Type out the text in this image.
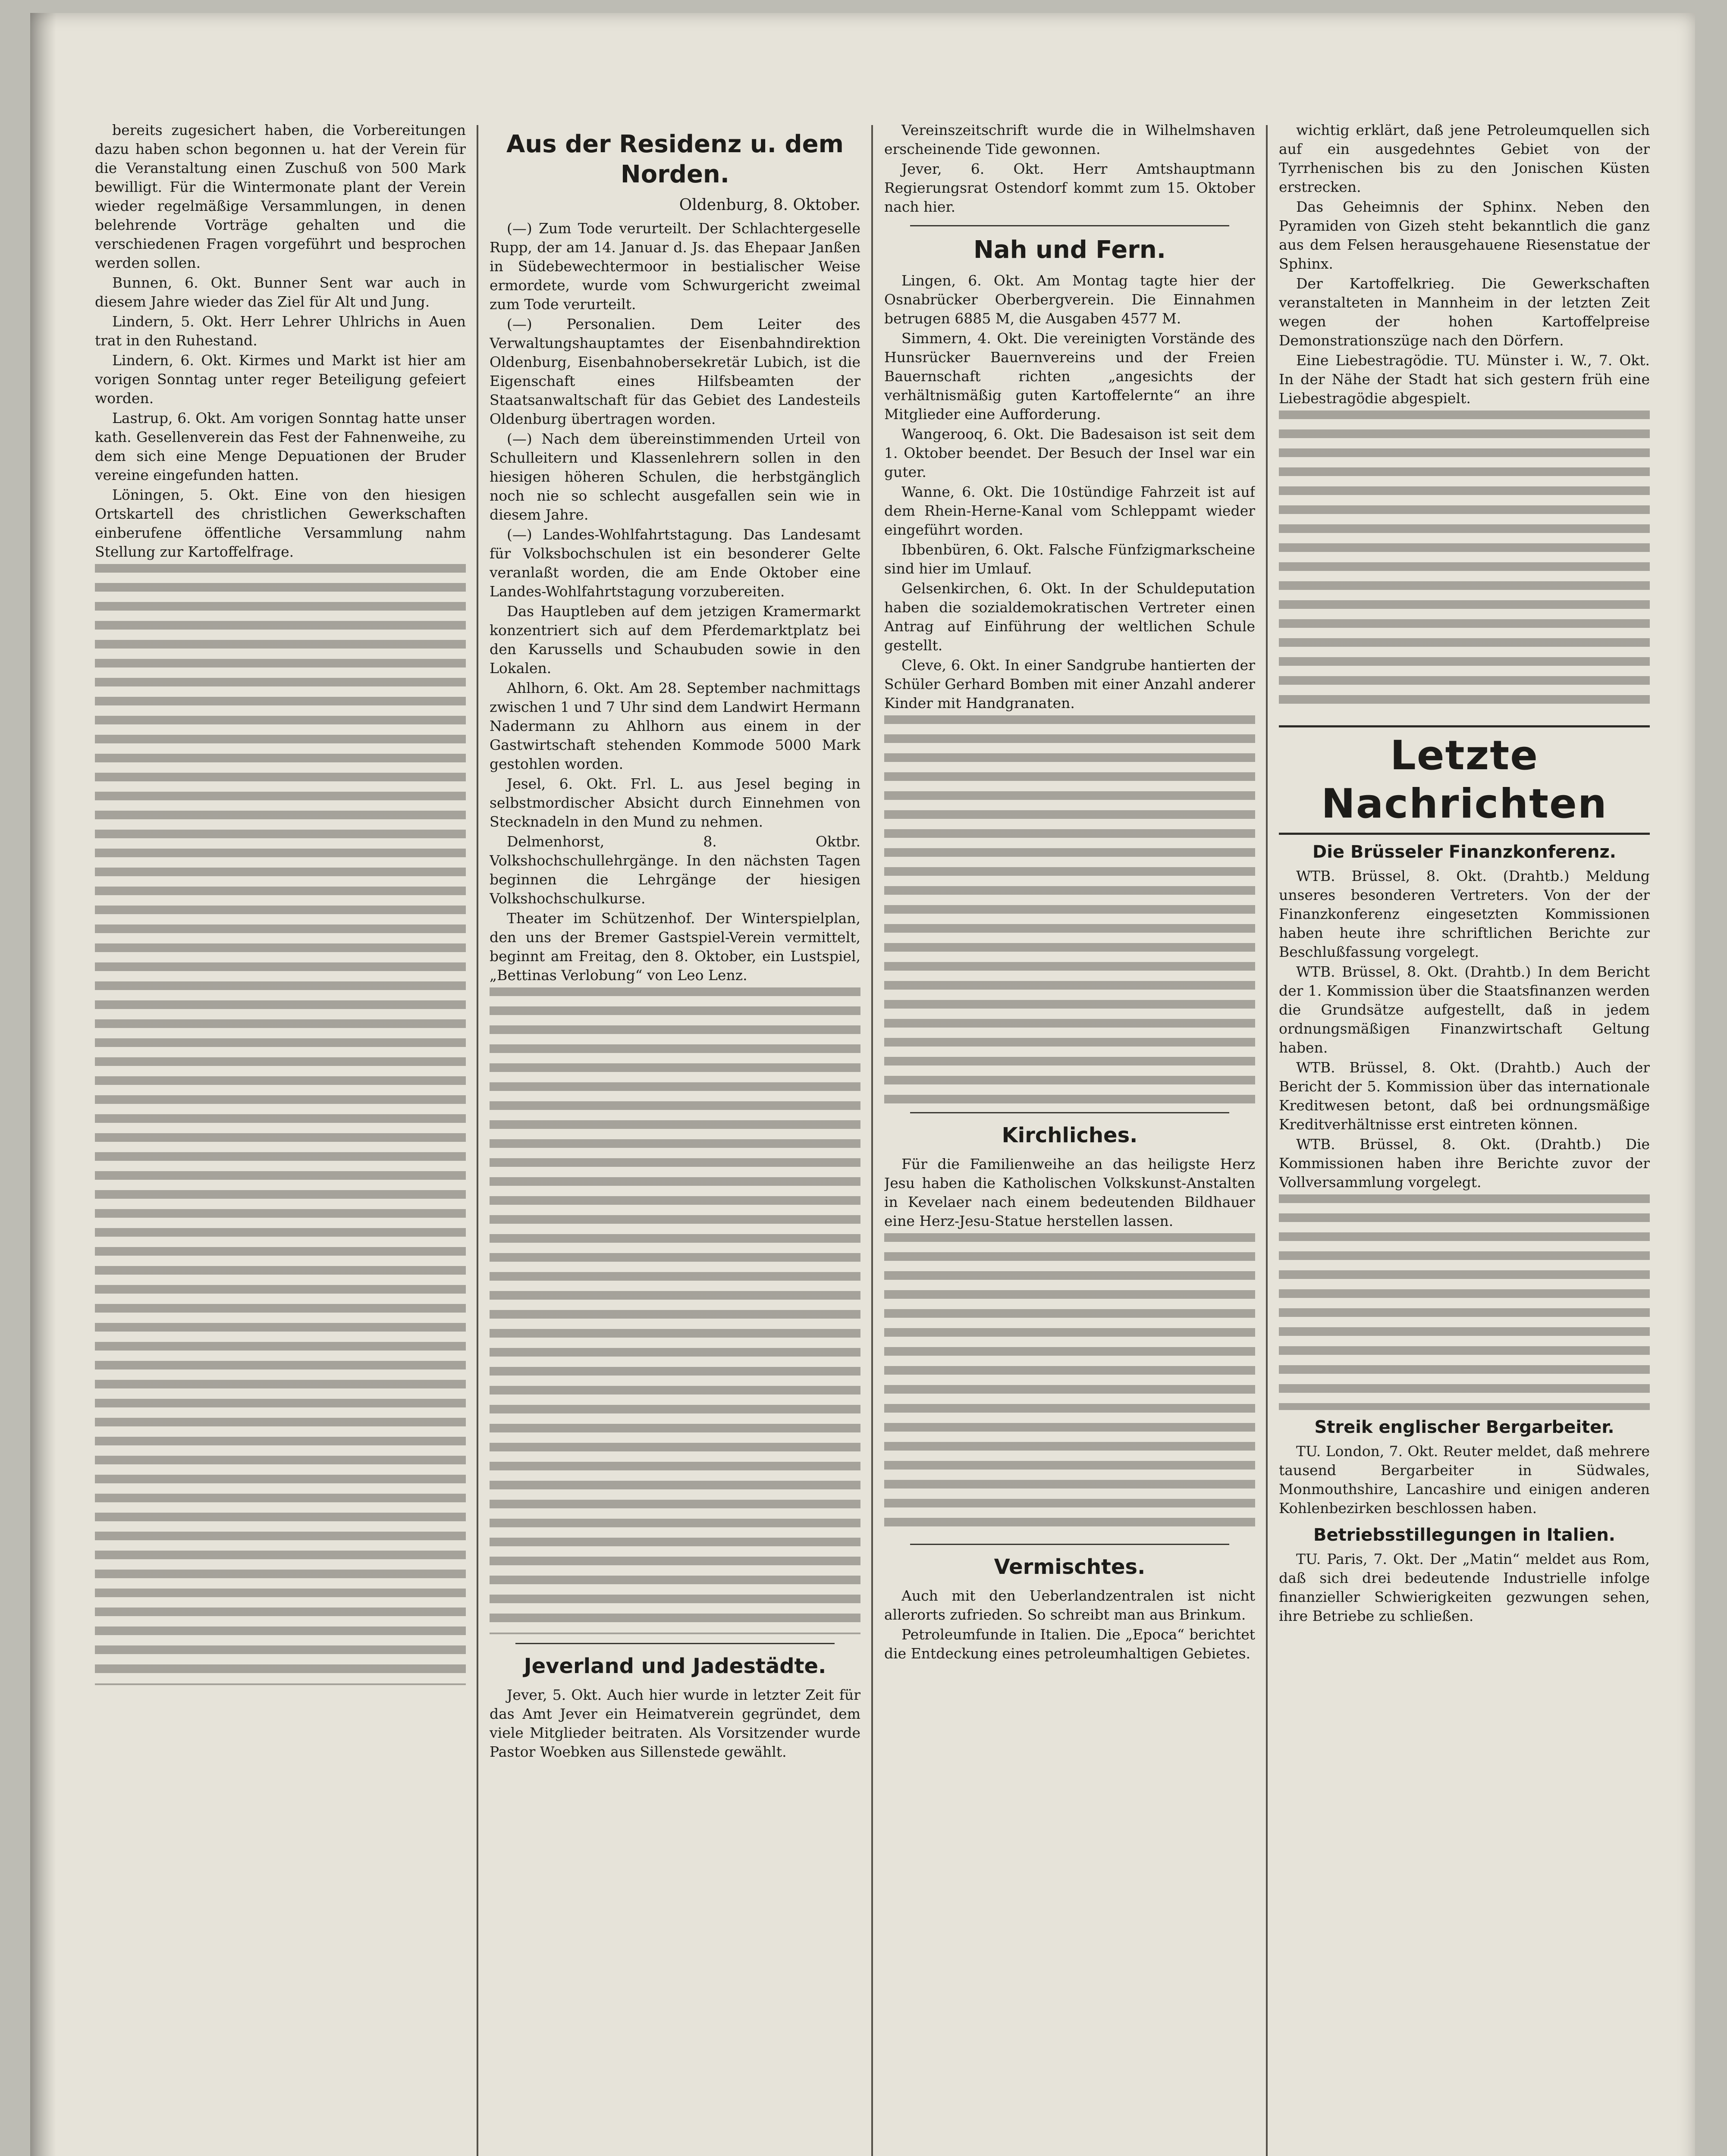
bereits zugesichert haben, die Vorbereitungen dazu haben schon begonnen u. hat der Verein für die Veranstaltung einen Zuschuß von 500 Mark bewilligt. Für die Wintermonate plant der Verein wieder regelmäßige Versammlungen, in denen belehrende Vorträge gehalten und die verschiedenen Fragen vorgeführt und besprochen werden sollen.

Bunnen, 6. Okt. Bunner Sent war auch in diesem Jahre wieder das Ziel für Alt und Jung.

Lindern, 5. Okt. Herr Lehrer Uhlrichs in Auen trat in den Ruhestand.

Lindern, 6. Okt. Kirmes und Markt ist hier am vorigen Sonntag unter reger Beteiligung gefeiert worden.

Lastrup, 6. Okt. Am vorigen Sonntag hatte unser kath. Gesellenverein das Fest der Fahnenweihe, zu dem sich eine Menge Depuationen der Bruder vereine eingefunden hatten.

Löningen, 5. Okt. Eine von den hiesigen Ortskartell des christlichen Gewerkschaften einberufene öffentliche Versammlung nahm Stellung zur Kartoffelfrage.

Aus der Residenz u. dem Norden.
Oldenburg, 8. Oktober.

(—) Zum Tode verurteilt. Der Schlachtergeselle Rupp, der am 14. Januar d. Js. das Ehepaar Janßen in Südebewechtermoor in bestialischer Weise ermordete, wurde vom Schwurgericht zweimal zum Tode verurteilt.

(—) Personalien. Dem Leiter des Verwaltungshauptamtes der Eisenbahndirektion Oldenburg, Eisenbahnobersekretär Lubich, ist die Eigenschaft eines Hilfsbeamten der Staatsanwaltschaft für das Gebiet des Landesteils Oldenburg übertragen worden.

(—) Nach dem übereinstimmenden Urteil von Schulleitern und Klassenlehrern sollen in den hiesigen höheren Schulen, die herbstgänglich noch nie so schlecht ausgefallen sein wie in diesem Jahre.

(—) Landes-Wohlfahrtstagung. Das Landesamt für Volksbochschulen ist ein besonderer Gelte veranlaßt worden, die am Ende Oktober eine Landes-Wohlfahrtstagung vorzubereiten.

Das Hauptleben auf dem jetzigen Kramermarkt konzentriert sich auf dem Pferdemarktplatz bei den Karussells und Schaubuden sowie in den Lokalen.

Ahlhorn, 6. Okt. Am 28. September nachmittags zwischen 1 und 7 Uhr sind dem Landwirt Hermann Nadermann zu Ahlhorn aus einem in der Gastwirtschaft stehenden Kommode 5000 Mark gestohlen worden.

Jesel, 6. Okt. Frl. L. aus Jesel beging in selbstmordischer Absicht durch Einnehmen von Stecknadeln in den Mund zu nehmen.

Delmenhorst, 8. Oktbr. Volkshochschullehrgänge. In den nächsten Tagen beginnen die Lehrgänge der hiesigen Volkshochschulkurse.

Theater im Schützenhof. Der Winterspielplan, den uns der Bremer Gastspiel-Verein vermittelt, beginnt am Freitag, den 8. Oktober, ein Lustspiel, „Bettinas Verlobung“ von Leo Lenz.

Jeverland und Jadestädte.

Jever, 5. Okt. Auch hier wurde in letzter Zeit für das Amt Jever ein Heimatverein gegründet, dem viele Mitglieder beitraten. Als Vorsitzender wurde Pastor Woebken aus Sillenstede gewählt.

Vereinszeitschrift wurde die in Wilhelmshaven erscheinende Tide gewonnen.

Jever, 6. Okt. Herr Amtshauptmann Regierungsrat Ostendorf kommt zum 15. Oktober nach hier.

Nah und Fern.

Lingen, 6. Okt. Am Montag tagte hier der Osnabrücker Oberbergverein. Die Einnahmen betrugen 6885 M, die Ausgaben 4577 M.

Simmern, 4. Okt. Die vereinigten Vorstände des Hunsrücker Bauernvereins und der Freien Bauernschaft richten „angesichts der verhältnismäßig guten Kartoffelernte“ an ihre Mitglieder eine Aufforderung.

Wangerooq, 6. Okt. Die Badesaison ist seit dem 1. Oktober beendet. Der Besuch der Insel war ein guter.

Wanne, 6. Okt. Die 10stündige Fahrzeit ist auf dem Rhein-Herne-Kanal vom Schleppamt wieder eingeführt worden.

Ibbenbüren, 6. Okt. Falsche Fünfzigmarkscheine sind hier im Umlauf.

Gelsenkirchen, 6. Okt. In der Schuldeputation haben die sozialdemokratischen Vertreter einen Antrag auf Einführung der weltlichen Schule gestellt.

Cleve, 6. Okt. In einer Sandgrube hantierten der Schüler Gerhard Bomben mit einer Anzahl anderer Kinder mit Handgranaten.

Kirchliches.

Für die Familienweihe an das heiligste Herz Jesu haben die Katholischen Volkskunst-Anstalten in Kevelaer nach einem bedeutenden Bildhauer eine Herz-Jesu-Statue herstellen lassen.

Vermischtes.

Auch mit den Ueberlandzentralen ist nicht allerorts zufrieden. So schreibt man aus Brinkum.

Petroleumfunde in Italien. Die „Epoca“ berichtet die Entdeckung eines petroleumhaltigen Gebietes.

wichtig erklärt, daß jene Petroleumquellen sich auf ein ausgedehntes Gebiet von der Tyrrhenischen bis zu den Jonischen Küsten erstrecken.

Das Geheimnis der Sphinx. Neben den Pyramiden von Gizeh steht bekanntlich die ganz aus dem Felsen herausgehauene Riesenstatue der Sphinx.

Der Kartoffelkrieg. Die Gewerkschaften veranstalteten in Mannheim in der letzten Zeit wegen der hohen Kartoffelpreise Demonstrationszüge nach den Dörfern.

Eine Liebestragödie. TU. Münster i. W., 7. Okt. In der Nähe der Stadt hat sich gestern früh eine Liebestragödie abgespielt.

Letzte Nachrichten
Die Brüsseler Finanzkonferenz.

WTB. Brüssel, 8. Okt. (Drahtb.) Meldung unseres besonderen Vertreters. Von der der Finanzkonferenz eingesetzten Kommissionen haben heute ihre schriftlichen Berichte zur Beschlußfassung vorgelegt.

WTB. Brüssel, 8. Okt. (Drahtb.) In dem Bericht der 1. Kommission über die Staatsfinanzen werden die Grundsätze aufgestellt, daß in jedem ordnungsmäßigen Finanzwirtschaft Geltung haben.

WTB. Brüssel, 8. Okt. (Drahtb.) Auch der Bericht der 5. Kommission über das internationale Kreditwesen betont, daß bei ordnungsmäßige Kreditverhältnisse erst eintreten können.

WTB. Brüssel, 8. Okt. (Drahtb.) Die Kommissionen haben ihre Berichte zuvor der Vollversammlung vorgelegt.

Streik englischer Bergarbeiter.

TU. London, 7. Okt. Reuter meldet, daß mehrere tausend Bergarbeiter in Südwales, Monmouthshire, Lancashire und einigen anderen Kohlenbezirken beschlossen haben.

Betriebsstillegungen in Italien.

TU. Paris, 7. Okt. Der „Matin“ meldet aus Rom, daß sich drei bedeutende Industrielle infolge finanzieller Schwierigkeiten gezwungen sehen, ihre Betriebe zu schließen.
